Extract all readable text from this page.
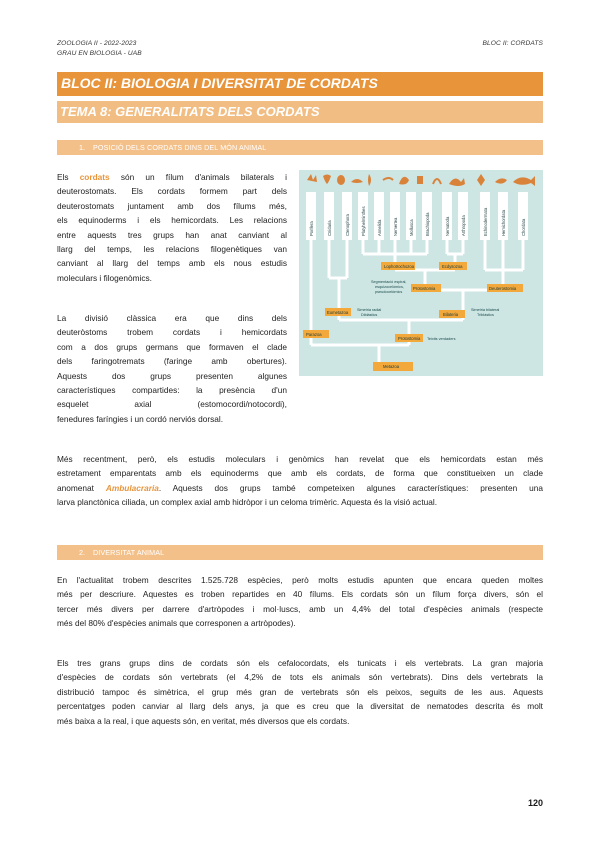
ZOOLOGIA II - 2022-2023
GRAU EN BIOLOGIA - UAB
BLOC II: CORDATS
BLOC II: BIOLOGIA I DIVERSITAT DE CORDATS
TEMA 8: GENERALITATS DELS CORDATS
1. POSICIÓ DELS CORDATS DINS DEL MÓN ANIMAL
Els cordats són un fílum d'animals bilaterals i
deuterostomats. Els cordats formem part dels
deuterostomats juntament amb dos fílums més,
els equinoderms i els hemicordats. Les relacions
entre aquests tres grups han anat canviant al
llarg del temps, les relacions filogenètiques van
canviant al llarg del temps amb els nous estudis
moleculars i filogenòmics.
La divisió clàssica era que dins dels
deuteròstoms trobem cordats i hemicordats
com a dos grups germans que formaven el clade
dels faringotremats (faringe amb obertures).
Aquests dos grups presenten algunes
característiques compartides: la presència d'un
esquelet axial (estomocordi/notocordi),
fenedures faríngies i un cordó nerviós dorsal.
Porifera	Cnidaria	Ctenophora	Platyhelminthes	Annelida	Nemertea	Mollusca	Brachiopoda	Nematoda	Arthropoda	Echinodermata	Hemichordata	Chordata
Lophotrochozoa	Ecdysozoa
Protostomia	Deuterostomia
Bilateria
Eumetazoa
Parazoa
Protostomia
Metazoa
Segmentació espiral,
esquizocelòmics,
pseudocelòmics
Simetria radial
Diblàstics
Simetria bilateral
Triblàstics
Teixits verdaders
Més recentment, però, els estudis moleculars i genòmics han revelat que els hemicordats estan més
estretament emparentats amb els equinoderms que amb els cordats, de forma que constitueixen un clade
anomenat Ambulacraria. Aquests dos grups també competeixen algunes característiques: presenten una
larva planctònica ciliada, un complex axial amb hidròpor i un celoma trimèric. Aquesta és la visió actual.
2. DIVERSITAT ANIMAL
En l'actualitat trobem descrites 1.525.728 espècies, però molts estudis apunten que encara queden moltes
més per descriure. Aquestes es troben repartides en 40 fílums. Els cordats són un fílum força divers, són el
tercer més divers per darrere d'artròpodes i mol·luscs, amb un 4,4% del total d'espècies animals (respecte
més del 80% d'espècies animals que corresponen a artròpodes).
Els tres grans grups dins de cordats són els cefalocordats, els tunicats i els vertebrats. La gran majoria
d'espècies de cordats són vertebrats (el 4,2% de tots els animals són vertebrats). Dins dels vertebrats la
distribució tampoc és simètrica, el grup més gran de vertebrats són els peixos, seguits de les aus. Aquests
percentatges poden canviar al llarg dels anys, ja que es creu que la diversitat de nematodes descrita és molt
més baixa a la real, i que aquests són, en veritat, més diversos que els cordats.
120
